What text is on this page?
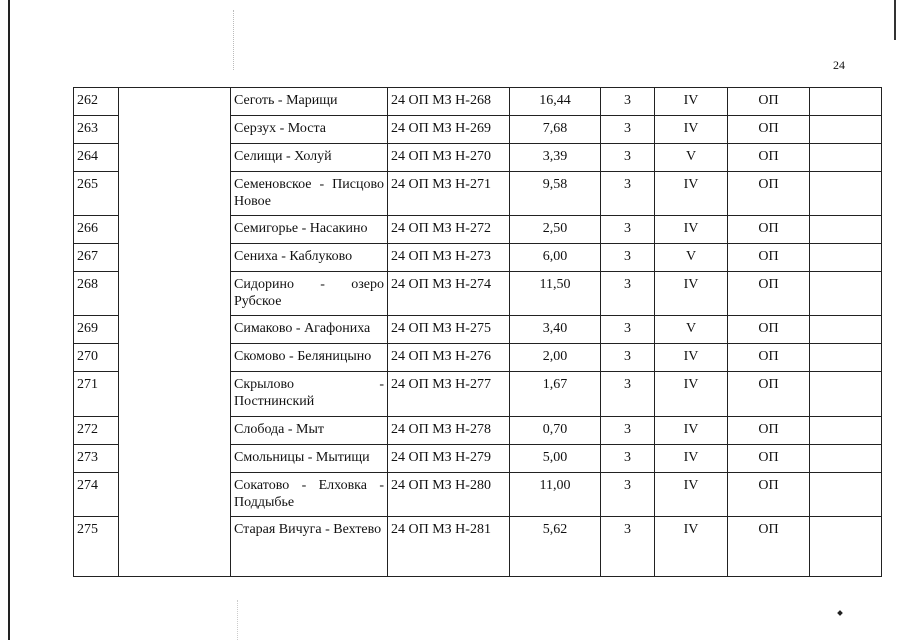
24
262		Сеготь - Марищи	24 ОП МЗ Н-268	16,44	3	IV	ОП	
263		Серзух - Моста	24 ОП МЗ Н-269	7,68	3	IV	ОП	
264		Селищи - Холуй	24 ОП МЗ Н-270	3,39	3	V	ОП	
265		Семеновское - Писцово Новое	24 ОП МЗ Н-271	9,58	3	IV	ОП	
266		Семигорье - Насакино	24 ОП МЗ Н-272	2,50	3	IV	ОП	
267		Сениха - Каблуково	24 ОП МЗ Н-273	6,00	3	V	ОП	
268		Сидорино - озеро Рубское	24 ОП МЗ Н-274	11,50	3	IV	ОП	
269		Симаково - Агафониха	24 ОП МЗ Н-275	3,40	3	V	ОП	
270		Скомово - Беляницыно	24 ОП МЗ Н-276	2,00	3	IV	ОП	
271		Скрылово - Постнинский	24 ОП МЗ Н-277	1,67	3	IV	ОП	
272		Слобода - Мыт	24 ОП МЗ Н-278	0,70	3	IV	ОП	
273		Смольницы - Мытищи	24 ОП МЗ Н-279	5,00	3	IV	ОП	
274		Сокатово - Елховка - Поддыбье	24 ОП МЗ Н-280	11,00	3	IV	ОП	
275		Старая Вичуга - Вехтево	24 ОП МЗ Н-281	5,62	3	IV	ОП	
